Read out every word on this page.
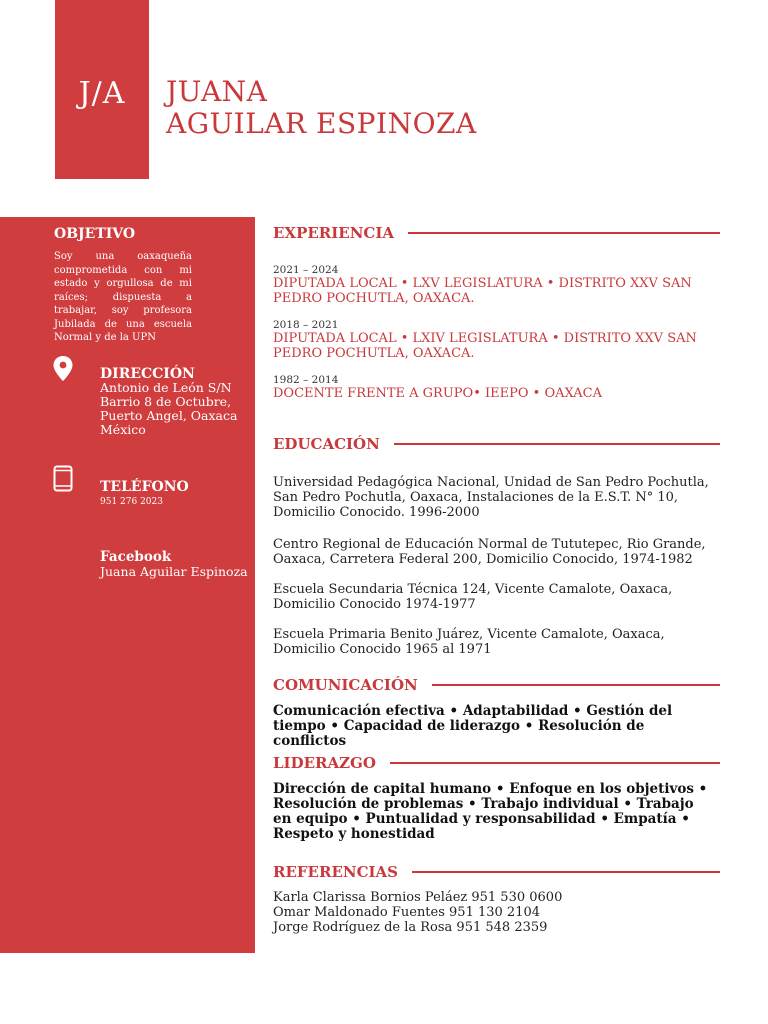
J/A	JUANA
AGUILAR ESPINOZA
OBJETIVO
Soy una oaxaqueña comprometida con mi estado y orgullosa de mi raíces; dispuesta a trabajar, soy profesora Jubilada de una escuela Normal y de la UPN
DIRECCIÓN
Antonio de León S/N
Barrio 8 de Octubre,
Puerto Angel, Oaxaca
México
TELÉFONO
951 276 2023
Facebook
Juana Aguilar Espinoza
EXPERIENCIA
2021 – 2024
DIPUTADA LOCAL • LXV LEGISLATURA • DISTRITO XXV SAN PEDRO POCHUTLA, OAXACA.
2018 – 2021
DIPUTADA LOCAL • LXIV LEGISLATURA • DISTRITO XXV SAN PEDRO POCHUTLA, OAXACA.
1982 – 2014
DOCENTE FRENTE A GRUPO• IEEPO • OAXACA
EDUCACIÓN
Universidad Pedagógica Nacional, Unidad de San Pedro Pochutla, San Pedro Pochutla, Oaxaca, Instalaciones de la E.S.T. N° 10, Domicilio Conocido. 1996-2000
Centro Regional de Educación Normal de Tututepec, Rio Grande, Oaxaca, Carretera Federal 200, Domicilio Conocido, 1974-1982
Escuela Secundaria Técnica 124, Vicente Camalote, Oaxaca, Domicilio Conocido 1974-1977
Escuela Primaria Benito Juárez, Vicente Camalote, Oaxaca, Domicilio Conocido 1965 al 1971
COMUNICACIÓN
Comunicación efectiva • Adaptabilidad • Gestión del tiempo • Capacidad de liderazgo • Resolución de conflictos
LIDERAZGO
Dirección de capital humano • Enfoque en los objetivos • Resolución de problemas • Trabajo individual • Trabajo en equipo • Puntualidad y responsabilidad • Empatía • Respeto y honestidad
REFERENCIAS
Karla Clarissa Bornios Peláez 951 530 0600
Omar Maldonado Fuentes 951 130 2104
Jorge Rodríguez de la Rosa 951 548 2359
